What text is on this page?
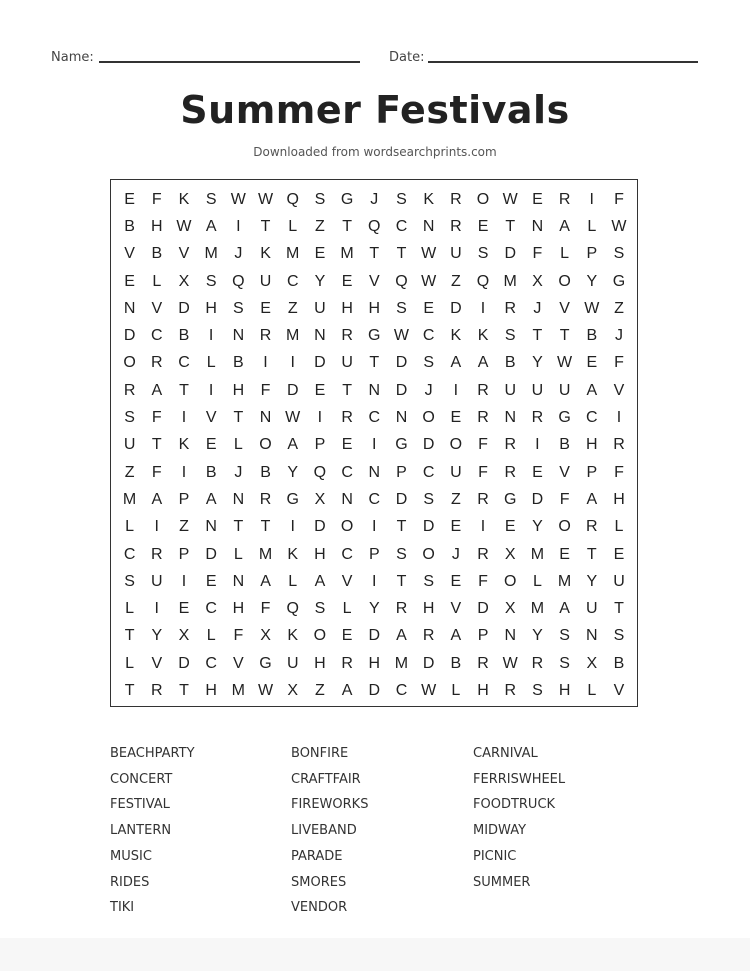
Name:	Date:
Summer Festivals
Downloaded from wordsearchprints.com
E	F	K	S W W Q S G	J	S	K	R O W E	R	I	F
B	H W A	I	T	L	Z	T	Q C N R	E	T	N	A	L W
V	B	V M	J	K M E M T	T W U	S	D	F	L	P	S
E	L	X	S Q U C	Y	E	V Q W Z	Q M X O Y G
N	V	D H	S	E	Z	U H H	S	E	D	I	R	J	V W Z
D C	B	I	N R M N R G W C	K	K	S	T	T	B	J
O R C	L	B	I	I	D U	T	D	S	A	A	B	Y W E	F
R	A	T	I	H	F	D	E	T	N D	J	I	R U U U	A	V
S	F	I	V	T	N W	I	R C N O E	R N R G C	I
U	T	K	E	L	O A	P	E	I	G D O	F	R	I	B	H R
Z	F	I	B	J	B	Y Q C N	P	C U	F	R	E	V	P	F
M A	P	A	N R G X	N C D	S	Z	R G D	F	A	H
L	I	Z	N	T	T	I	D O	I	T	D	E	I	E	Y O R	L
C R	P	D	L	M K	H C	P	S O	J	R	X M E	T	E
S	U	I	E	N	A	L	A	V	I	T	S	E	F	O	L	M Y	U
L	I	E	C H	F	Q S	L	Y	R H	V	D	X M A	U	T
T	Y	X	L	F	X	K O E	D	A	R	A	P	N	Y	S	N	S
L	V	D C	V G U H R H M D	B	R W R	S	X	B
T	R	T	H M W X	Z	A	D C W L	H R	S	H	L	V
BEACHPARTY	BONFIRE	CARNIVAL
CONCERT	CRAFTFAIR	FERRISWHEEL
FESTIVAL	FIREWORKS	FOODTRUCK
LANTERN	LIVEBAND	MIDWAY
MUSIC	PARADE	PICNIC
RIDES	SMORES	SUMMER
TIKI	VENDOR
